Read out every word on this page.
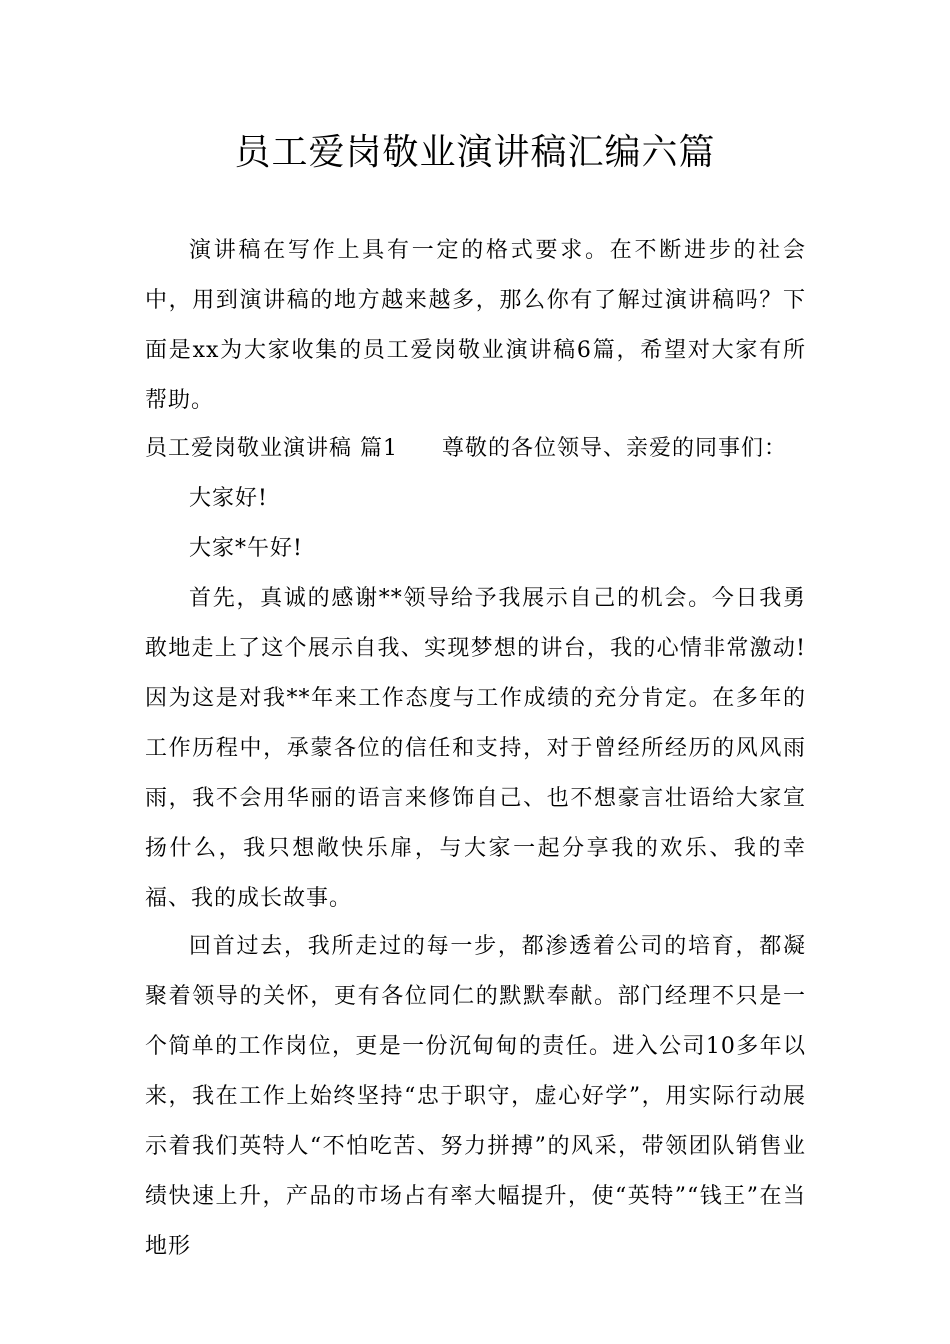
员工爱岗敬业演讲稿汇编六篇

演讲稿在写作上具有一定的格式要求。在不断进步的社会中，用到演讲稿的地方越来越多，那么你有了解过演讲稿吗？下面是xx为大家收集的员工爱岗敬业演讲稿6篇，希望对大家有所帮助。

员工爱岗敬业演讲稿 篇1 尊敬的各位领导、亲爱的同事们：

大家好!

大家*午好!

首先，真诚的感谢**领导给予我展示自己的机会。今日我勇敢地走上了这个展示自我、实现梦想的讲台，我的心情非常激动!因为这是对我**年来工作态度与工作成绩的充分肯定。在多年的工作历程中，承蒙各位的信任和支持，对于曾经所经历的风风雨雨，我不会用华丽的语言来修饰自己、也不想豪言壮语给大家宣扬什么，我只想敞快乐扉，与大家一起分享我的欢乐、我的幸福、我的成长故事。

回首过去，我所走过的每一步，都渗透着公司的培育，都凝聚着领导的关怀，更有各位同仁的默默奉献。部门经理不只是一个简单的工作岗位，更是一份沉甸甸的责任。进入公司10多年以来，我在工作上始终坚持“忠于职守，虚心好学”，用实际行动展示着我们英特人“不怕吃苦、努力拼搏”的风采，带领团队销售业绩快速上升，产品的市场占有率大幅提升，使“英特”“钱王”在当地形
